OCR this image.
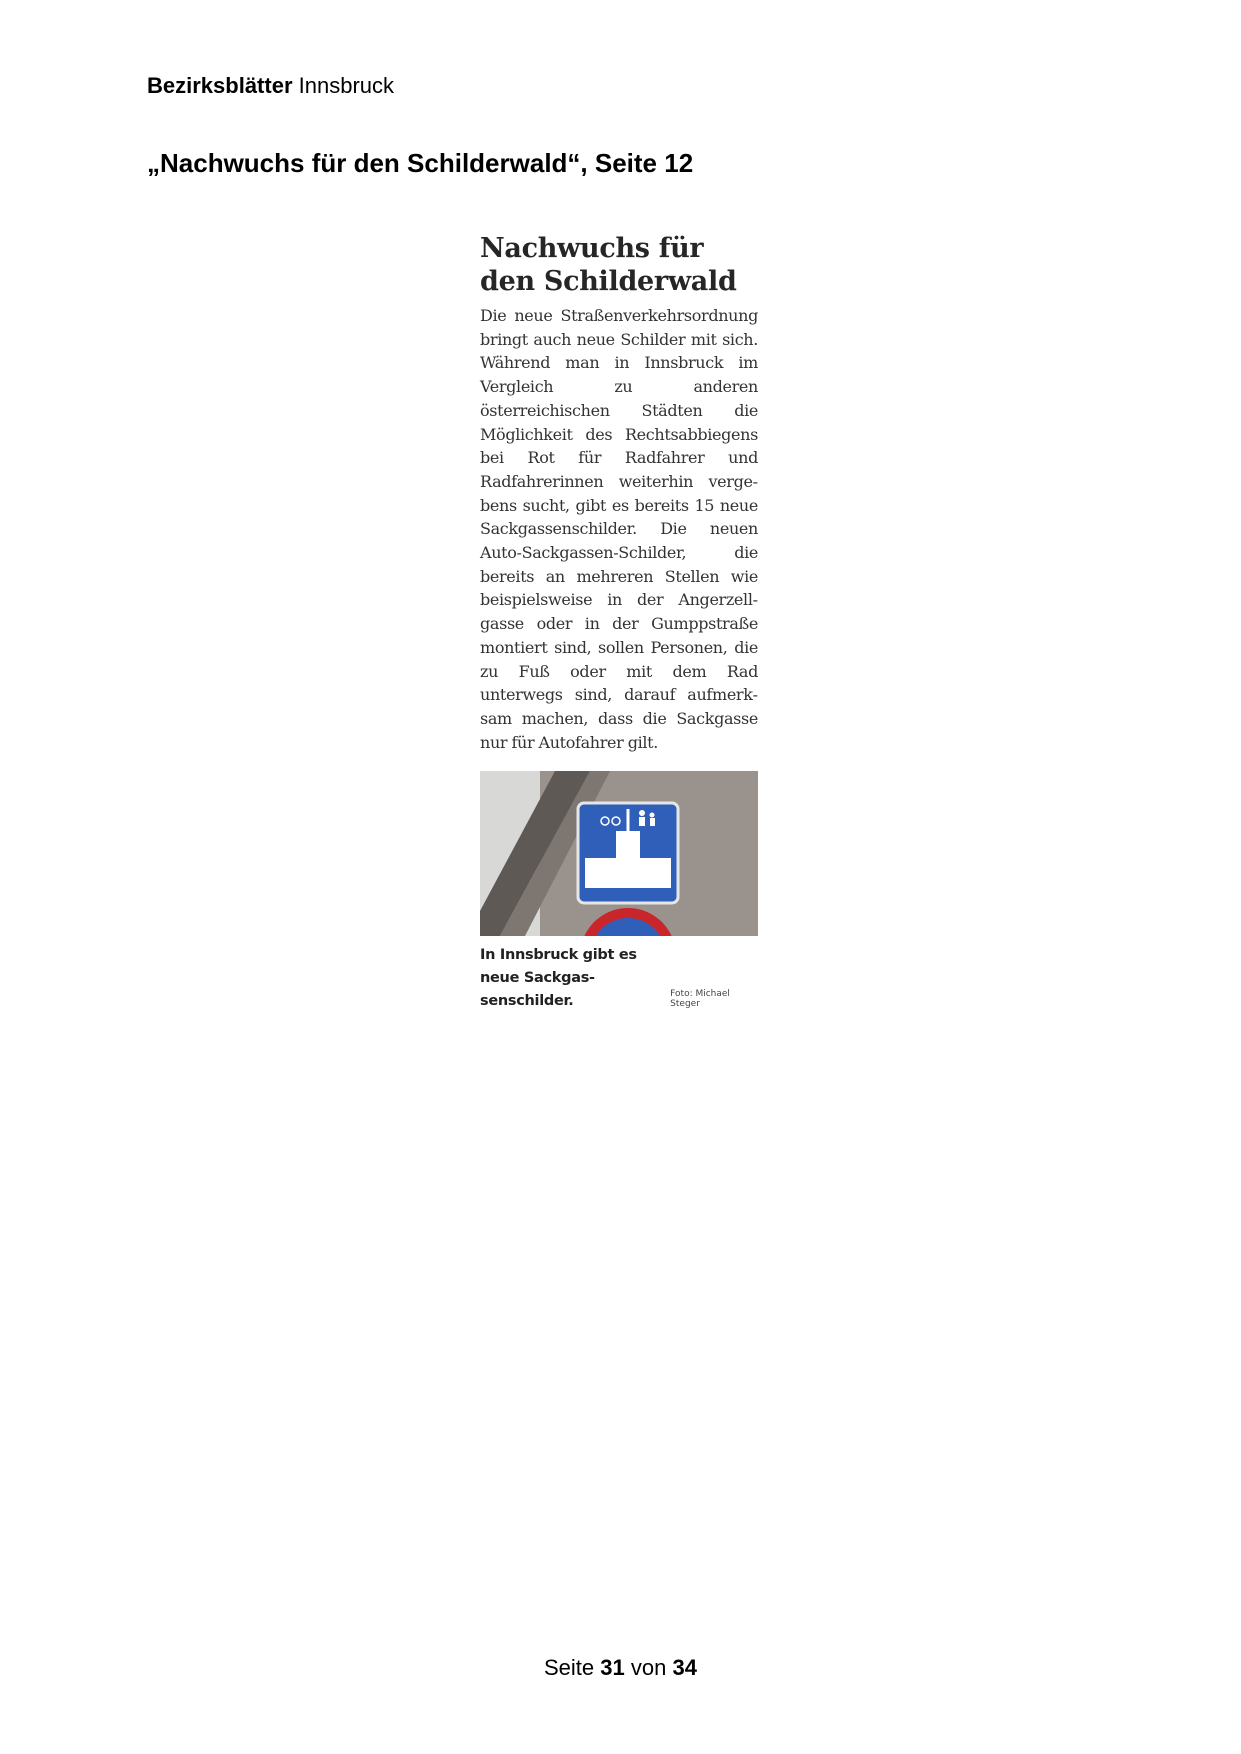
Bezirksblätter Innsbruck
„Nachwuchs für den Schilderwald“, Seite 12
Nachwuchs für
den Schilderwald

Die neue Straßenverkehrsordnung bringt auch neue Schilder mit sich. Während man in Innsbruck im Vergleich zu anderen österreichischen Städten die Möglichkeit des Rechtsabbiegens bei Rot für Radfahrer und Radfahrerinnen weiterhin vergebens sucht, gibt es bereits 15 neue Sackgassenschilder. Die neuen Auto-Sackgassen-Schilder, die bereits an mehreren Stellen wie beispielsweise in der Angerzellgasse oder in der Gumppstraße montiert sind, sollen Personen, die zu Fuß oder mit dem Rad unterwegs sind, darauf aufmerksam machen, dass die Sackgasse nur für Autofahrer gilt.

In Innsbruck gibt es neue Sackgassenschilder.	Foto: Michael Steger
Seite 31 von 34
